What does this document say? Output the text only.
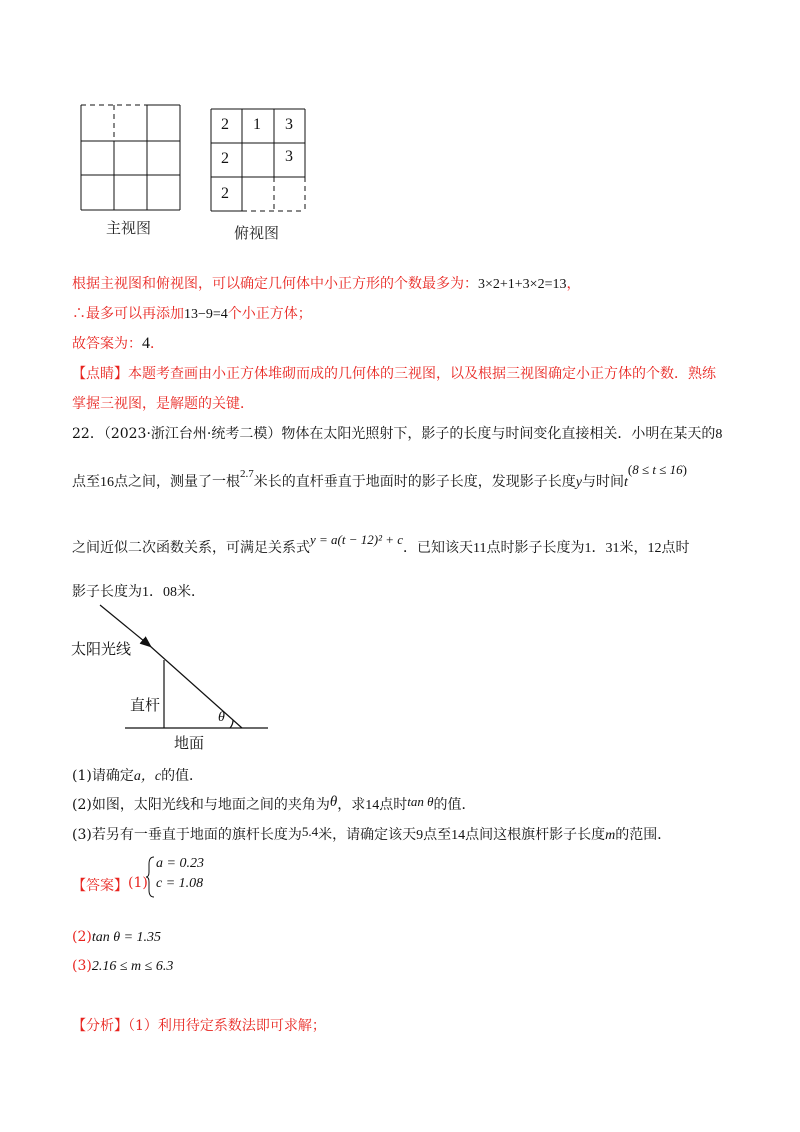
主视图
2 1 3
2	3
2
俯视图
根据主视图和俯视图，可以确定几何体中小正方形的个数最多为：3×2+1+3×2=13，
∴最多可以再添加13−9=4个小正方体；
故答案为：4．
【点睛】本题考查画由小正方体堆砌而成的几何体的三视图，以及根据三视图确定小正方体的个数．熟练
掌握三视图，是解题的关键．
22．（2023·浙江台州·统考二模）物体在太阳光照射下，影子的长度与时间变化直接相关．小明在某天的8
点至16点之间，测量了一根$^{2.7}$米长的直杆垂直于地面时的影子长度，发现影子长度y与时间t(8 ≤ t ≤ 16)
之间近似二次函数关系，可满足关系式y = a(t − 12)² + c．已知该天11点时影子长度为1．31米，12点时
影子长度为1．08米．
太阳光线
直杆
地面
θ
(1)请确定a，c的值．
(2)如图，太阳光线和与地面之间的夹角为θ，求14点时tan θ的值．
(3)若另有一垂直于地面的旗杆长度为5.4米，请确定该天9点至14点间这根旗杆影子长度m的范围．
【答案】 (1)
a = 0.23
c = 1.08
(2)tan θ = 1.35
(3)2.16 ≤ m ≤ 6.3
【分析】（1）利用待定系数法即可求解；
